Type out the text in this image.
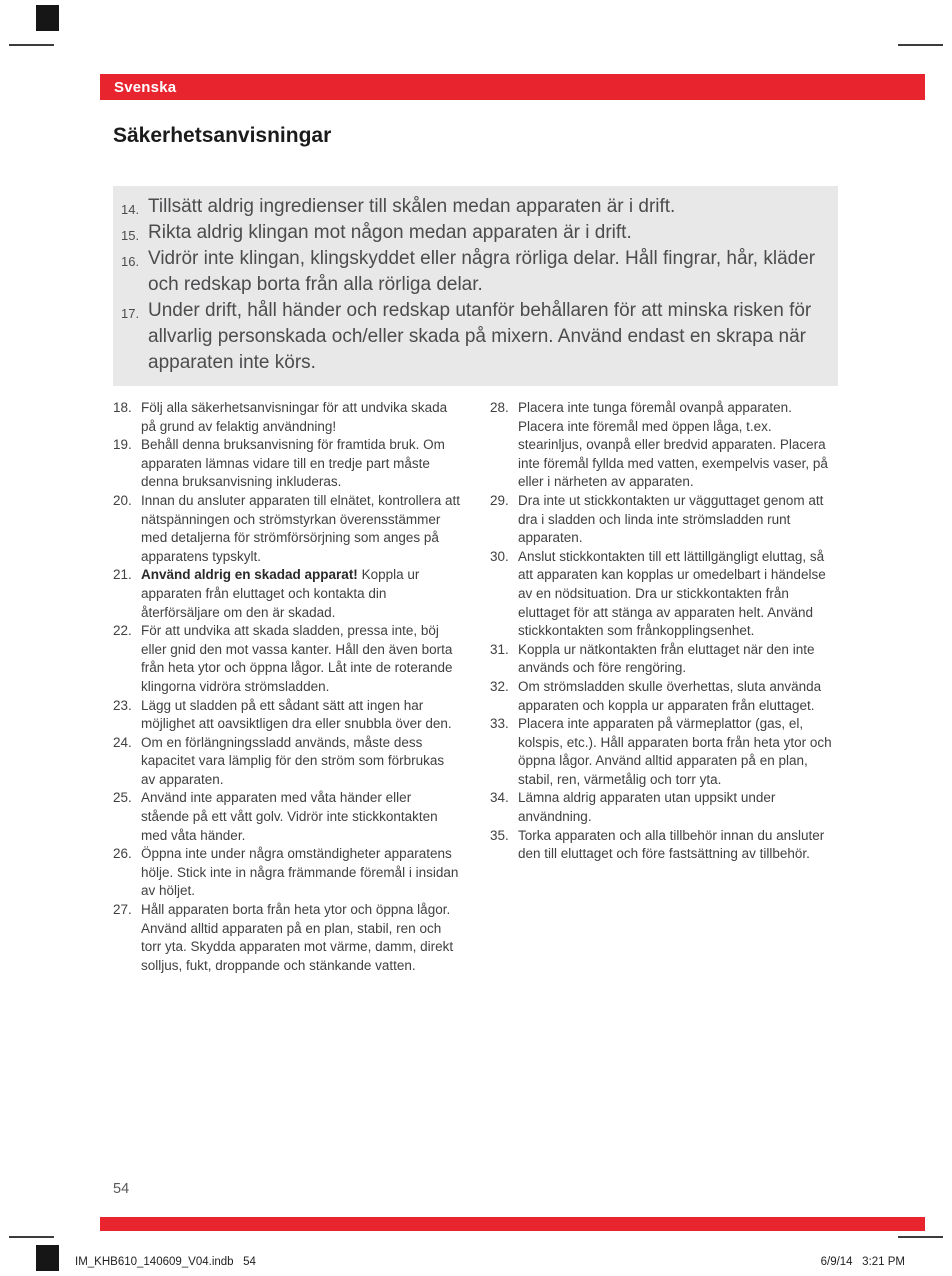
Svenska
Säkerhetsanvisningar
14. Tillsätt aldrig ingredienser till skålen medan apparaten är i drift.
15. Rikta aldrig klingan mot någon medan apparaten är i drift.
16. Vidrör inte klingan, klingskyddet eller några rörliga delar. Håll fingrar, hår, kläder och redskap borta från alla rörliga delar.
17. Under drift, håll händer och redskap utanför behållaren för att minska risken för allvarlig personskada och/eller skada på mixern. Använd endast en skrapa när apparaten inte körs.
18. Följ alla säkerhetsanvisningar för att undvika skada på grund av felaktig användning!
19. Behåll denna bruksanvisning för framtida bruk. Om apparaten lämnas vidare till en tredje part måste denna bruksanvisning inkluderas.
20. Innan du ansluter apparaten till elnätet, kontrollera att nätspänningen och strömstyrkan överensstämmer med detaljerna för strömförsörjning som anges på apparatens typskylt.
21. Använd aldrig en skadad apparat! Koppla ur apparaten från eluttaget och kontakta din återförsäljare om den är skadad.
22. För att undvika att skada sladden, pressa inte, böj eller gnid den mot vassa kanter. Håll den även borta från heta ytor och öppna lågor. Låt inte de roterande klingorna vidröra strömsladden.
23. Lägg ut sladden på ett sådant sätt att ingen har möjlighet att oavsiktligen dra eller snubbla över den.
24. Om en förlängningssladd används, måste dess kapacitet vara lämplig för den ström som förbrukas av apparaten.
25. Använd inte apparaten med våta händer eller stående på ett vått golv. Vidrör inte stickkontakten med våta händer.
26. Öppna inte under några omständigheter apparatens hölje. Stick inte in några främmande föremål i insidan av höljet.
27. Håll apparaten borta från heta ytor och öppna lågor. Använd alltid apparaten på en plan, stabil, ren och torr yta. Skydda apparaten mot värme, damm, direkt solljus, fukt, droppande och stänkande vatten.
28. Placera inte tunga föremål ovanpå apparaten. Placera inte föremål med öppen låga, t.ex. stearinljus, ovanpå eller bredvid apparaten. Placera inte föremål fyllda med vatten, exempelvis vaser, på eller i närheten av apparaten.
29. Dra inte ut stickkontakten ur vägguttaget genom att dra i sladden och linda inte strömsladden runt apparaten.
30. Anslut stickkontakten till ett lättillgängligt eluttag, så att apparaten kan kopplas ur omedelbart i händelse av en nödsituation. Dra ur stickkontakten från eluttaget för att stänga av apparaten helt. Använd stickkontakten som frånkopplingsenhet.
31. Koppla ur nätkontakten från eluttaget när den inte används och före rengöring.
32. Om strömsladden skulle överhettas, sluta använda apparaten och koppla ur apparaten från eluttaget.
33. Placera inte apparaten på värmeplattor (gas, el, kolspis, etc.). Håll apparaten borta från heta ytor och öppna lågor. Använd alltid apparaten på en plan, stabil, ren, värmetålig och torr yta.
34. Lämna aldrig apparaten utan uppsikt under användning.
35. Torka apparaten och alla tillbehör innan du ansluter den till eluttaget och före fastsättning av tillbehör.
54
IM_KHB610_140609_V04.indb   54	6/9/14   3:21 PM
